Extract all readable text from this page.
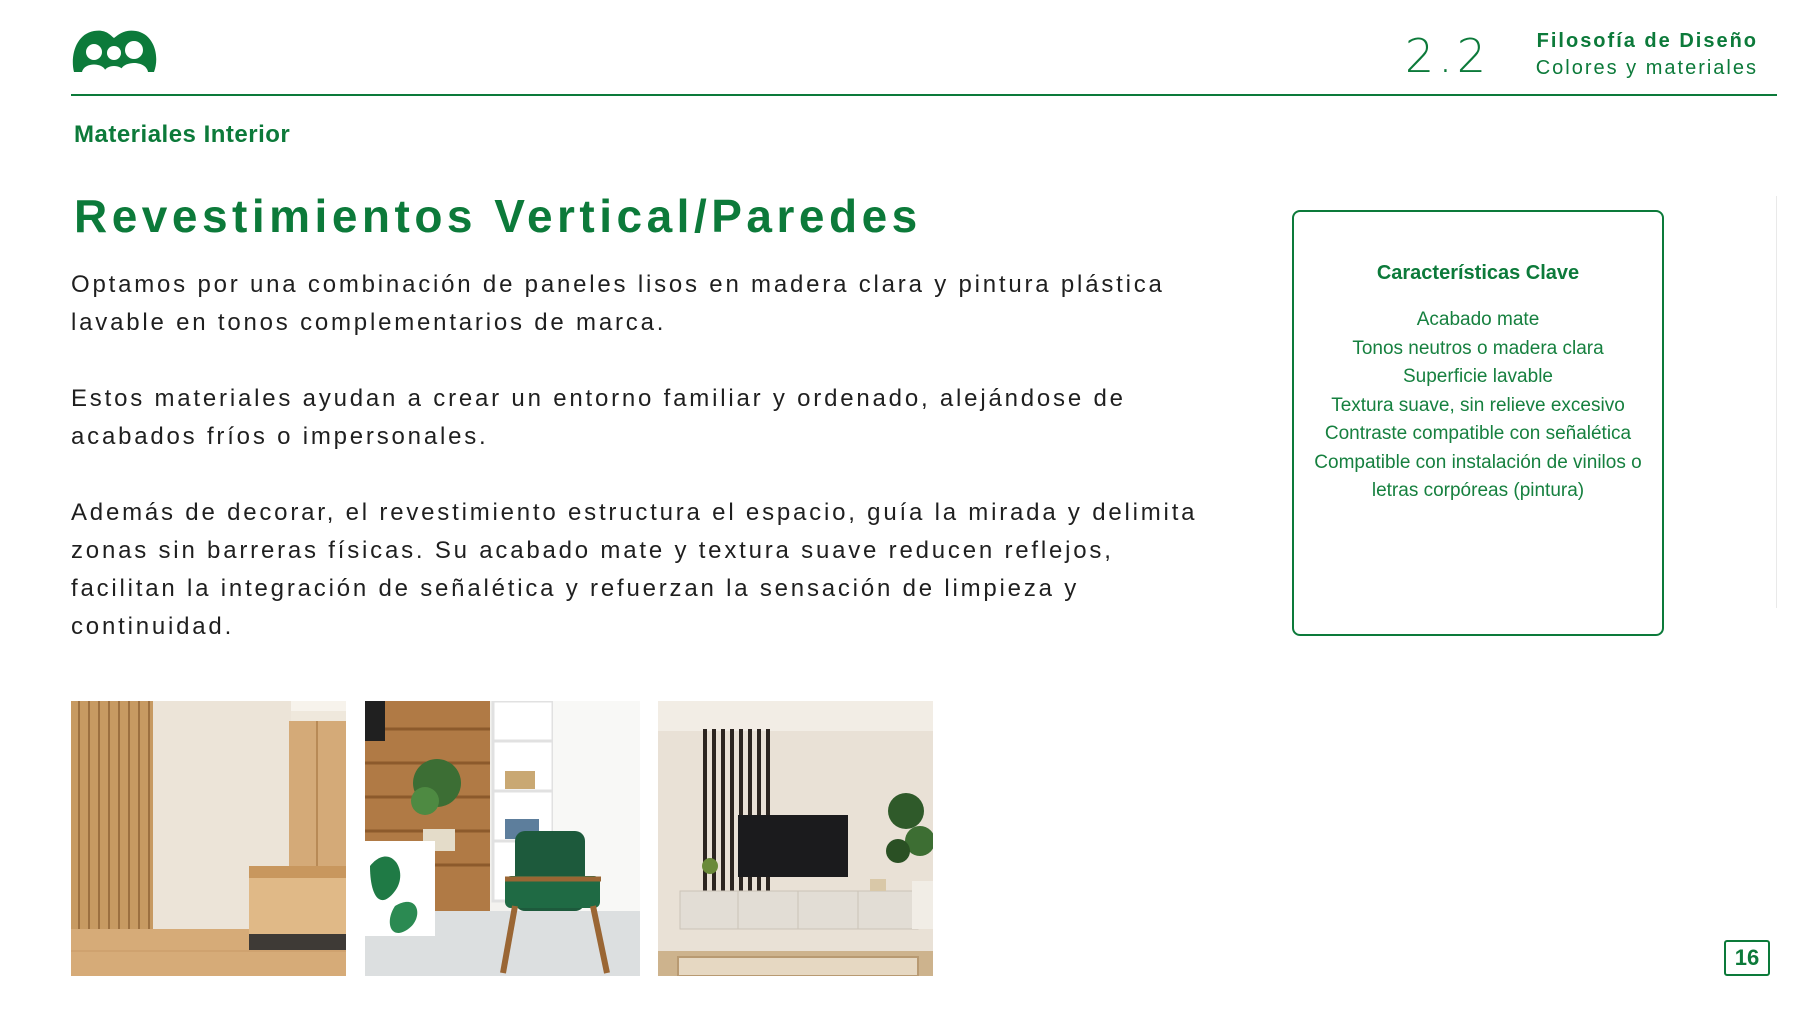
2.2 Filosofía de Diseño
Colores y materiales
Materiales Interior
Revestimientos Vertical/Paredes

Optamos por una combinación de paneles lisos en madera clara y pintura plástica lavable en tonos complementarios de marca.

Estos materiales ayudan a crear un entorno familiar y ordenado, alejándose de acabados fríos o impersonales.

Además de decorar, el revestimiento estructura el espacio, guía la mirada y delimita zonas sin barreras físicas. Su acabado mate y textura suave reducen reflejos, facilitan la integración de señalética y refuerzan la sensación de limpieza y continuidad.

Características Clave
Acabado mate
Tonos neutros o madera clara
Superficie lavable
Textura suave, sin relieve excesivo
Contraste compatible con señalética
Compatible con instalación de vinilos o letras corpóreas (pintura)
16
